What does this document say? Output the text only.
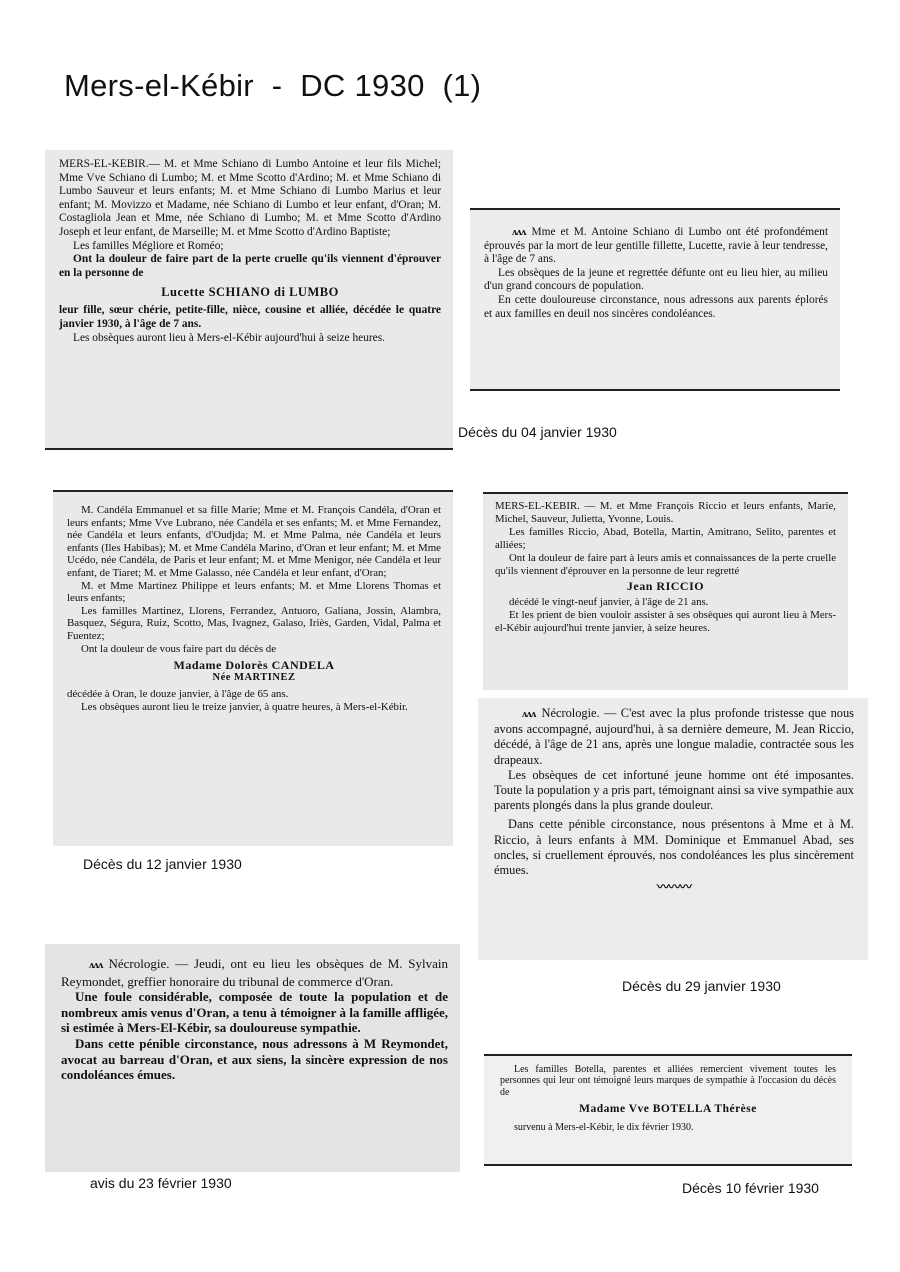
Mers-el-Kébir  -  DC 1930  (1)

MERS-EL-KEBIR.— M. et Mme Schiano di Lumbo Antoine et leur fils Michel; Mme Vve Schiano di Lumbo; M. et Mme Scotto d'Ardino; M. et Mme Schiano di Lumbo Sauveur et leurs enfants; M. et Mme Schiano di Lumbo Marius et leur enfant; M. Movizzo et Madame, née Schiano di Lumbo et leur enfant, d'Oran; M. Costagliola Jean et Mme, née Schiano di Lumbo; M. et Mme Scotto d'Ardino Joseph et leur enfant, de Marseille; M. et Mme Scotto d'Ardino Baptiste;

Les familles Mégliore et Roméo;

Ont la douleur de faire part de la perte cruelle qu'ils viennent d'éprouver en la personne de

Lucette SCHIANO di LUMBO

leur fille, sœur chérie, petite-fille, nièce, cousine et alliée, décédée le quatre janvier 1930, à l'âge de 7 ans.

Les obsèques auront lieu à Mers-el-Kébir aujourd'hui à seize heures.

ʌʌʌ Mme et M. Antoine Schiano di Lumbo ont été profondément éprouvés par la mort de leur gentille fillette, Lucette, ravie à leur tendresse, à l'âge de 7 ans.

Les obsèques de la jeune et regrettée défunte ont eu lieu hier, au milieu d'un grand concours de population.

En cette douloureuse circonstance, nous adressons aux parents éplorés et aux familles en deuil nos sincères condoléances.

Décès du 04 janvier 1930

M. Candéla Emmanuel et sa fille Marie; Mme et M. François Candéla, d'Oran et leurs enfants; Mme Vve Lubrano, née Candéla et ses enfants; M. et Mme Fernandez, née Candéla et leurs enfants, d'Oudjda; M. et Mme Palma, née Candéla et leurs enfants (Iles Habibas); M. et Mme Candéla Marino, d'Oran et leur enfant; M. et Mme Ucédo, née Candéla, de Paris et leur enfant; M. et Mme Menigor, née Candéla et leur enfant, de Tiaret; M. et Mme Galasso, née Candéla et leur enfant, d'Oran;

M. et Mme Martinez Philippe et leurs enfants; M. et Mme Llorens Thomas et leurs enfants;

Les familles Martinez, Llorens, Ferrandez, Antuoro, Galiana, Jossin, Alambra, Basquez, Ségura, Ruiz, Scotto, Mas, Ivagnez, Galaso, Iriès, Garden, Vidal, Palma et Fuentez;

Ont la douleur de vous faire part du décès de

Madame Dolorès CANDELA

Née MARTINEZ

décédée à Oran, le douze janvier, à l'âge de 65 ans.

Les obsèques auront lieu le treize janvier, à quatre heures, à Mers-el-Kébir.

Décès du 12 janvier 1930

MERS-EL-KEBIR. — M. et Mme François Riccio et leurs enfants, Marie, Michel, Sauveur, Julietta, Yvonne, Louis.

Les familles Riccio, Abad, Botella, Martin, Amitrano, Selito, parentes et alliées;

Ont la douleur de faire part à leurs amis et connaissances de la perte cruelle qu'ils viennent d'éprouver en la personne de leur regretté

Jean RICCIO

décédé le vingt-neuf janvier, à l'âge de 21 ans.

Et les prient de bien vouloir assister à ses obsèques qui auront lieu à Mers-el-Kébir aujourd'hui trente janvier, à seize heures.

ʌʌʌ Nécrologie. — C'est avec la plus profonde tristesse que nous avons accompagné, aujourd'hui, à sa dernière demeure, M. Jean Riccio, décédé, à l'âge de 21 ans, après une longue maladie, contractée sous les drapeaux.

Les obsèques de cet infortuné jeune homme ont été imposantes. Toute la population y a pris part, témoignant ainsi sa vive sympathie aux parents plongés dans la plus grande douleur.

Dans cette pénible circonstance, nous présentons à Mme et à M. Riccio, à leurs enfants à MM. Dominique et Emmanuel Abad, ses oncles, si cruellement éprouvés, nos condoléances les plus sincèrement émues.

〰〰〰
Décès du 29 janvier 1930

ʌʌʌ Nécrologie. — Jeudi, ont eu lieu les obsèques de M. Sylvain Reymondet, greffier honoraire du tribunal de commerce d'Oran.

Une foule considérable, composée de toute la population et de nombreux amis venus d'Oran, a tenu à témoigner à la famille affligée, si estimée à Mers-El-Kébir, sa douloureuse sympathie.

Dans cette pénible circonstance, nous adressons à M Reymondet, avocat au barreau d'Oran, et aux siens, la sincère expression de nos condoléances émues.

avis du 23 février 1930

Les familles Botella, parentes et alliées remercient vivement toutes les personnes qui leur ont témoigné leurs marques de sympathie à l'occasion du décès de

Madame Vve BOTELLA Thérèse

survenu à Mers-el-Kébir, le dix février 1930.

Décès 10 février 1930
